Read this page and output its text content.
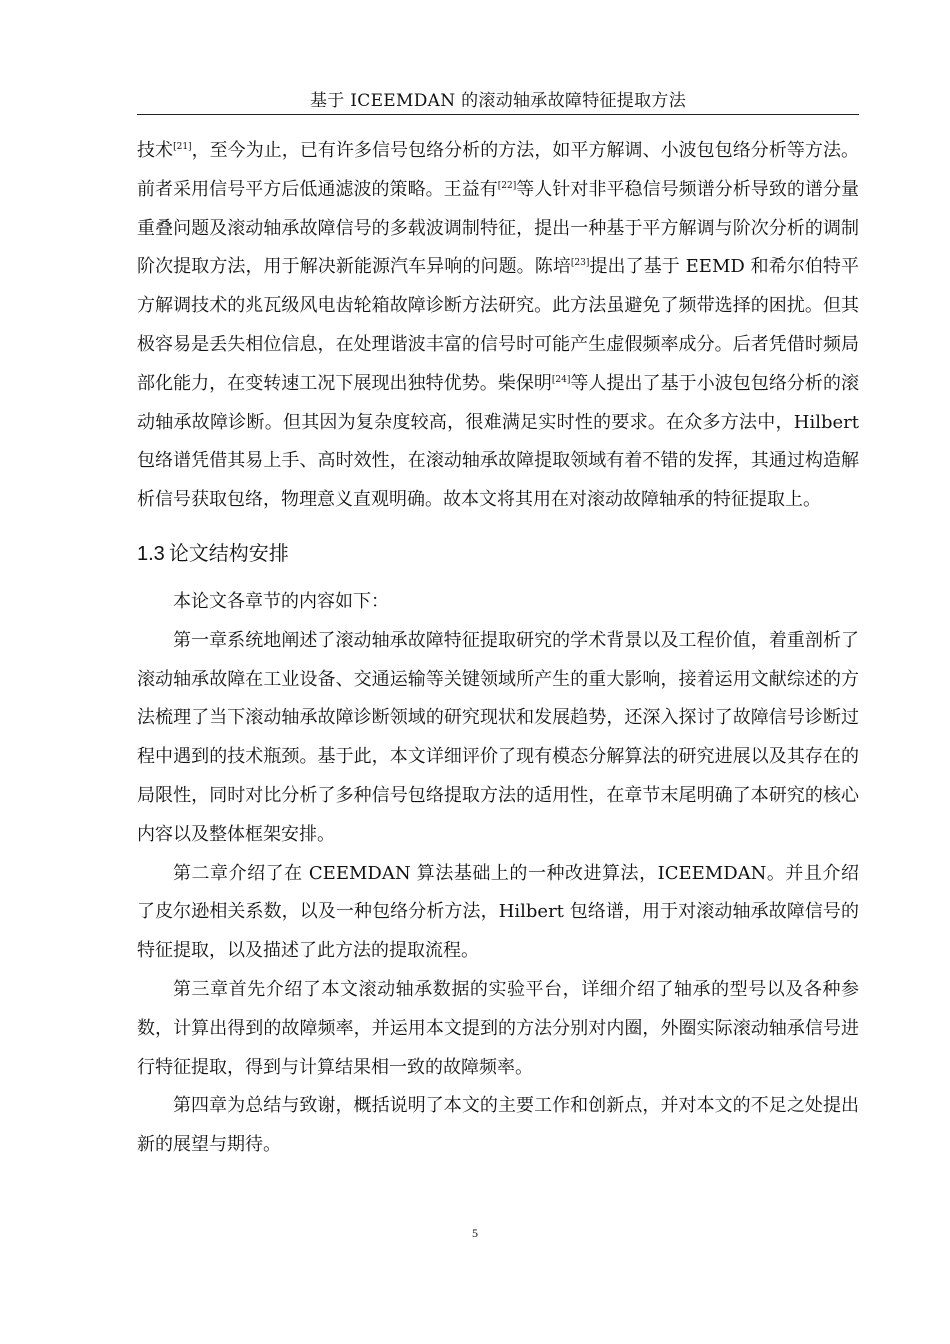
基于 ICEEMDAN 的滚动轴承故障特征提取方法

技术[21]，至今为止，已有许多信号包络分析的方法，如平方解调、小波包包络分析等方法。前者采用信号平方后低通滤波的策略。王益有[22]等人针对非平稳信号频谱分析导致的谱分量重叠问题及滚动轴承故障信号的多载波调制特征，提出一种基于平方解调与阶次分析的调制阶次提取方法，用于解决新能源汽车异响的问题。陈培[23]提出了基于 EEMD 和希尔伯特平方解调技术的兆瓦级风电齿轮箱故障诊断方法研究。此方法虽避免了频带选择的困扰。但其极容易是丢失相位信息，在处理谐波丰富的信号时可能产生虚假频率成分。后者凭借时频局部化能力，在变转速工况下展现出独特优势。柴保明[24]等人提出了基于小波包包络分析的滚动轴承故障诊断。但其因为复杂度较高，很难满足实时性的要求。在众多方法中，Hilbert 包络谱凭借其易上手、高时效性，在滚动轴承故障提取领域有着不错的发挥，其通过构造解析信号获取包络，物理意义直观明确。故本文将其用在对滚动故障轴承的特征提取上。

1.3 论文结构安排

本论文各章节的内容如下：

第一章系统地阐述了滚动轴承故障特征提取研究的学术背景以及工程价值，着重剖析了滚动轴承故障在工业设备、交通运输等关键领域所产生的重大影响，接着运用文献综述的方法梳理了当下滚动轴承故障诊断领域的研究现状和发展趋势，还深入探讨了故障信号诊断过程中遇到的技术瓶颈。基于此，本文详细评价了现有模态分解算法的研究进展以及其存在的局限性，同时对比分析了多种信号包络提取方法的适用性，在章节末尾明确了本研究的核心内容以及整体框架安排。

第二章介绍了在 CEEMDAN 算法基础上的一种改进算法，ICEEMDAN。并且介绍了皮尔逊相关系数，以及一种包络分析方法，Hilbert 包络谱，用于对滚动轴承故障信号的特征提取，以及描述了此方法的提取流程。

第三章首先介绍了本文滚动轴承数据的实验平台，详细介绍了轴承的型号以及各种参数，计算出得到的故障频率，并运用本文提到的方法分别对内圈，外圈实际滚动轴承信号进行特征提取，得到与计算结果相一致的故障频率。

第四章为总结与致谢，概括说明了本文的主要工作和创新点，并对本文的不足之处提出新的展望与期待。

5
